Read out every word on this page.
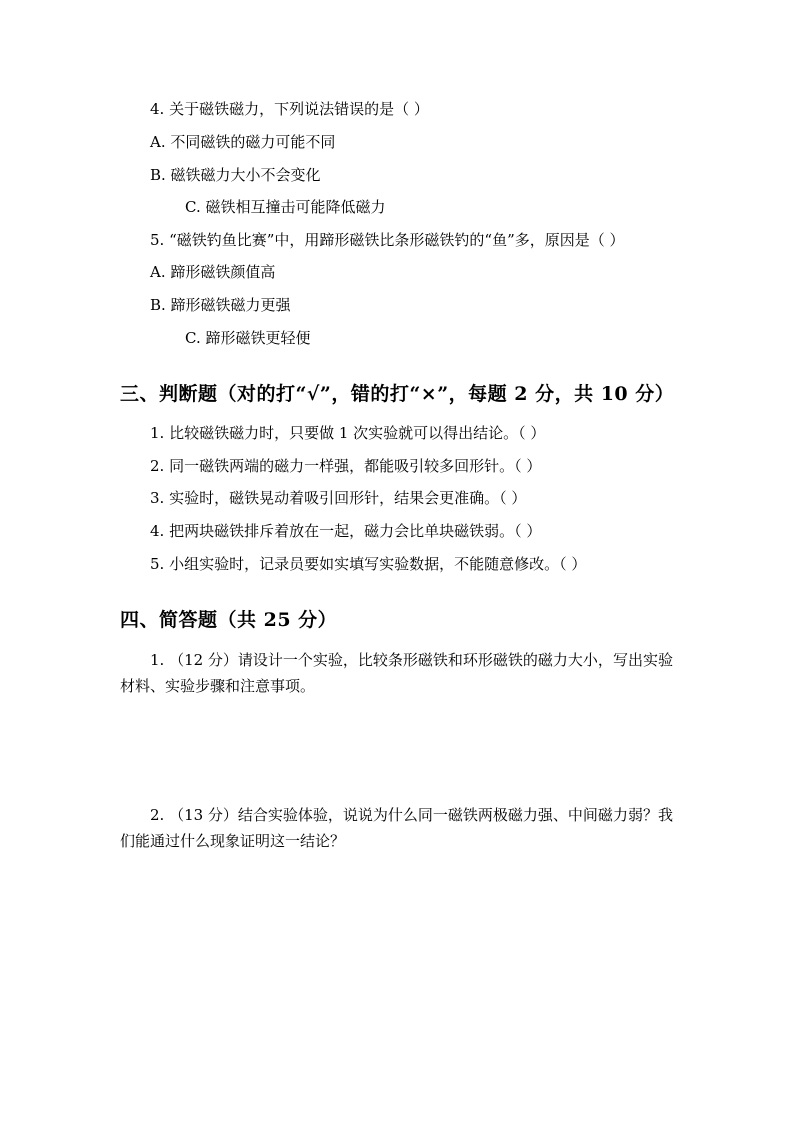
4. 关于磁铁磁力，下列说法错误的是（ ）
A. 不同磁铁的磁力可能不同
B. 磁铁磁力大小不会变化
C. 磁铁相互撞击可能降低磁力
5. “磁铁钓鱼比赛”中，用蹄形磁铁比条形磁铁钓的“鱼”多，原因是（ ）
A. 蹄形磁铁颜值高
B. 蹄形磁铁磁力更强
C. 蹄形磁铁更轻便
三、判断题（对的打“√”，错的打“×”，每题 2 分，共 10 分）
1. 比较磁铁磁力时，只要做 1 次实验就可以得出结论。（ ）
2. 同一磁铁两端的磁力一样强，都能吸引较多回形针。（ ）
3. 实验时，磁铁晃动着吸引回形针，结果会更准确。（ ）
4. 把两块磁铁排斥着放在一起，磁力会比单块磁铁弱。（ ）
5. 小组实验时，记录员要如实填写实验数据，不能随意修改。（ ）
四、简答题（共 25 分）
1. （12 分）请设计一个实验，比较条形磁铁和环形磁铁的磁力大小，写出实验材料、实验步骤和注意事项。
2. （13 分）结合实验体验，说说为什么同一磁铁两极磁力强、中间磁力弱？我们能通过什么现象证明这一结论？
